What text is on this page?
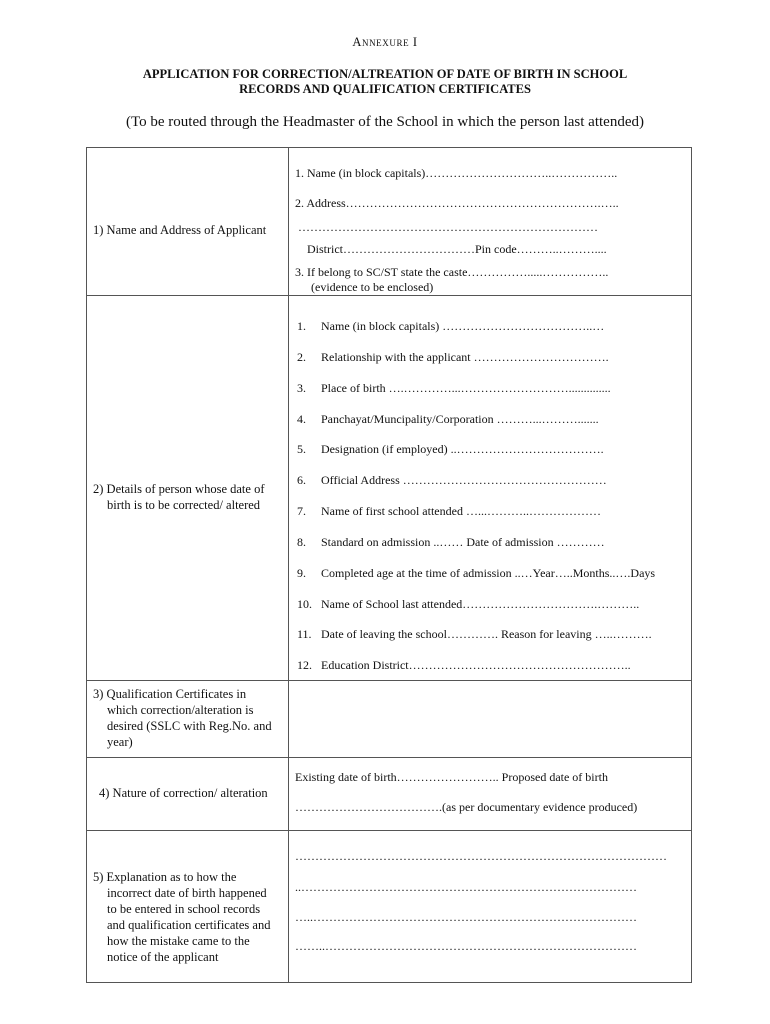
Annexure I
APPLICATION FOR CORRECTION/ALTREATION OF DATE OF BIRTH IN SCHOOL
RECORDS AND QUALIFICATION CERTIFICATES
(To be routed through the Headmaster of the School in which the person last attended)
1) Name and Address of Applicant
1. Name (in block capitals)…………………………..……………..
2. Address……………………………………………………….…..
…………………………………………………………………
District……………………………Pin code………..………....
3. If belong to SC/ST state the caste…………….....……………..
(evidence to be enclosed)
2) Details of person whose date of
birth is to be corrected/ altered
1. Name (in block capitals) ………………………………..…
2. Relationship with the applicant …………………………….
3. Place of birth ….…………...………………………..............
4. Panchayat/Muncipality/Corporation ………...……….......
5. Designation (if employed) ..……………………………….
6. Official Address ……………………………………………
7. Name of first school attended …...………..………………
8. Standard on admission ..…… Date of admission …………
9. Completed age at the time of admission ..…Year…..Months..….Days
10. Name of School last attended…………………………….………..
11. Date of leaving the school…………. Reason for leaving …..……….
12. Education District………………………………………………..
3) Qualification Certificates in
which correction/alteration is
desired (SSLC with Reg.No. and
year)
4) Nature of correction/ alteration
Existing date of birth…………………….. Proposed date of birth
……………………………….(as per documentary evidence produced)
5) Explanation as to how the
incorrect date of birth happened
to be entered in school records
and qualification certificates and
how the mistake came to the
notice of the applicant
…………………………………………………………………………………
..…………………………………………………………………………
…..………………………………………………………………………
……..……………………………………………………………………
